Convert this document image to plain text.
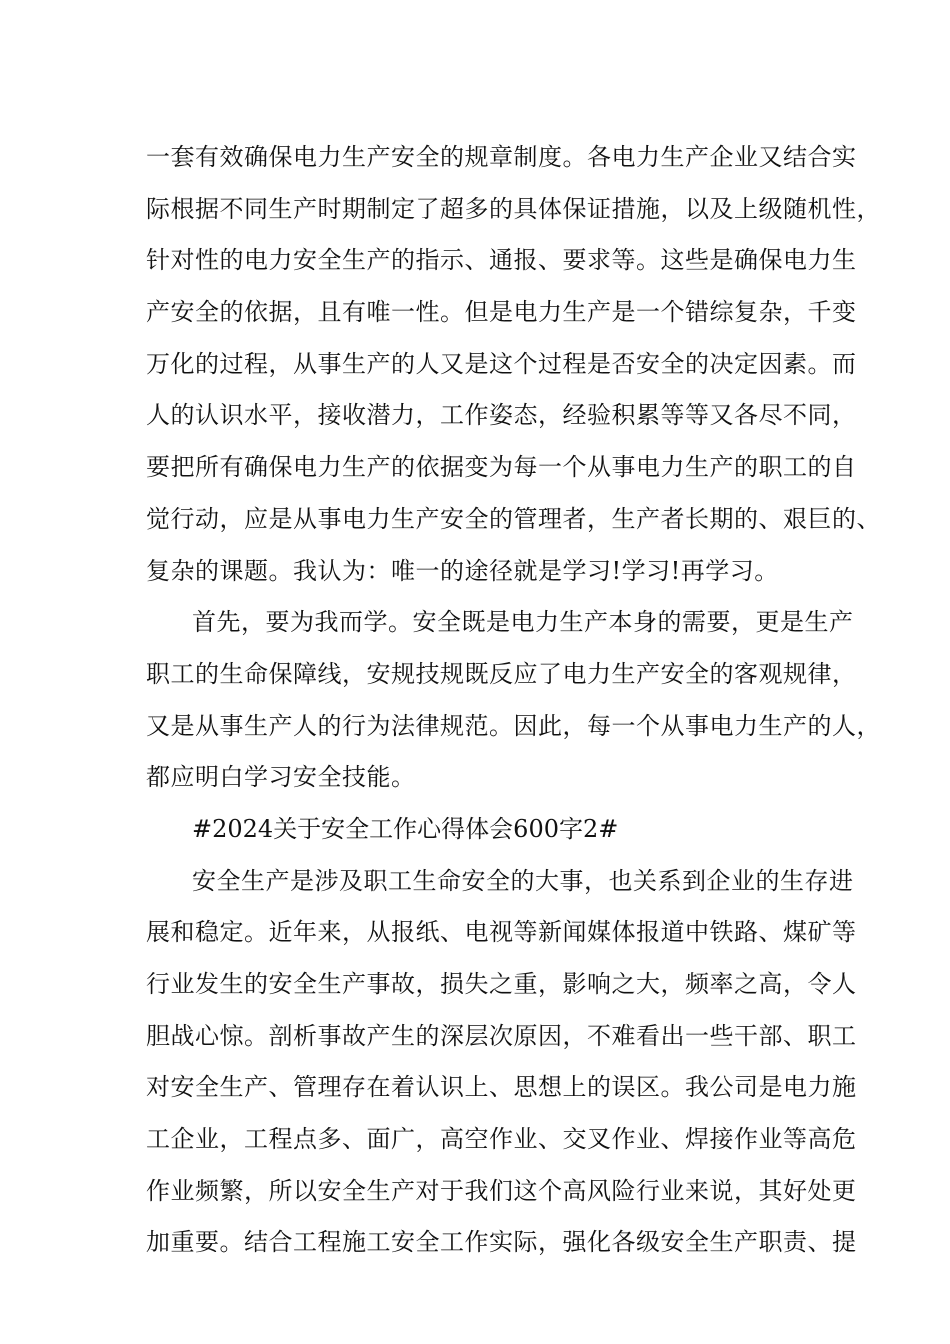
一套有效确保电力生产安全的规章制度。各电力生产企业又结合实
际根据不同生产时期制定了超多的具体保证措施，以及上级随机性，
针对性的电力安全生产的指示、通报、要求等。这些是确保电力生
产安全的依据，且有唯一性。但是电力生产是一个错综复杂，千变
万化的过程，从事生产的人又是这个过程是否安全的决定因素。而
人的认识水平，接收潜力，工作姿态，经验积累等等又各尽不同，
要把所有确保电力生产的依据变为每一个从事电力生产的职工的自
觉行动，应是从事电力生产安全的管理者，生产者长期的、艰巨的、
复杂的课题。我认为：唯一的途径就是学习!学习!再学习。
首先，要为我而学。安全既是电力生产本身的需要，更是生产
职工的生命保障线，安规技规既反应了电力生产安全的客观规律，
又是从事生产人的行为法律规范。因此，每一个从事电力生产的人，
都应明白学习安全技能。
#2024关于安全工作心得体会600字2#
安全生产是涉及职工生命安全的大事，也关系到企业的生存进
展和稳定。近年来，从报纸、电视等新闻媒体报道中铁路、煤矿等
行业发生的安全生产事故，损失之重，影响之大，频率之高，令人
胆战心惊。剖析事故产生的深层次原因，不难看出一些干部、职工
对安全生产、管理存在着认识上、思想上的误区。我公司是电力施
工企业，工程点多、面广，高空作业、交叉作业、焊接作业等高危
作业频繁，所以安全生产对于我们这个高风险行业来说，其好处更
加重要。结合工程施工安全工作实际，强化各级安全生产职责、提
